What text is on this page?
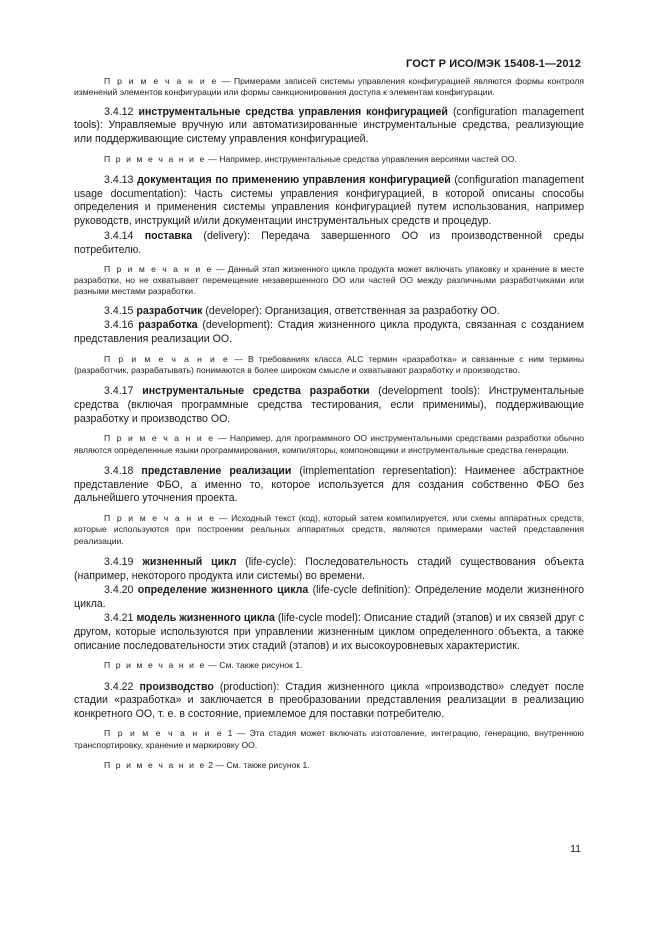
ГОСТ Р ИСО/МЭК 15408-1—2012

П р и м е ч а н и е — Примерами записей системы управления конфигурацией являются формы контроля изменений элементов конфигурации или формы санкционирования доступа к элементам конфигурации.

3.4.12 инструментальные средства управления конфигурацией (configuration management tools): Управляемые вручную или автоматизированные инструментальные средства, реализующие или поддерживающие систему управления конфигурацией.

П р и м е ч а н и е — Например, инструментальные средства управления версиями частей ОО.

3.4.13 документация по применению управления конфигурацией (configuration management usage documentation): Часть системы управления конфигурацией, в которой описаны способы определения и применения системы управления конфигурацией путем использования, например руководств, инструкций и/или документации инструментальных средств и процедур.

3.4.14 поставка (delivery): Передача завершенного ОО из производственной среды потребителю.

П р и м е ч а н и е — Данный этап жизненного цикла продукта может включать упаковку и хранение в месте разработки, но не охватывает перемещение незавершенного ОО или частей ОО между различными разработчиками или разными местами разработки.

3.4.15 разработчик (developer): Организация, ответственная за разработку ОО.

3.4.16 разработка (development): Стадия жизненного цикла продукта, связанная с созданием представления реализации ОО.

П р и м е ч а н и е — В требованиях класса ALC термин «разработка» и связанные с ним термины (разработчик, разрабатывать) понимаются в более широком смысле и охватывают разработку и производство.

3.4.17 инструментальные средства разработки (development tools): Инструментальные средства (включая программные средства тестирования, если применимы), поддерживающие разработку и производство ОО.

П р и м е ч а н и е — Например, для программного ОО инструментальными средствами разработки обычно являются определенные языки программирования, компиляторы, компоновщики и инструментальные средства генерации.

3.4.18 представление реализации (implementation representation): Наименее абстрактное представление ФБО, а именно то, которое используется для создания собственно ФБО без дальнейшего уточнения проекта.

П р и м е ч а н и е — Исходный текст (код), который затем компилируется, или схемы аппаратных средств, которые используются при построении реальных аппаратных средств, являются примерами частей представления реализации.

3.4.19 жизненный цикл (life-cycle): Последовательность стадий существования объекта (например, некоторого продукта или системы) во времени.

3.4.20 определение жизненного цикла (life-cycle definition): Определение модели жизненного цикла.

3.4.21 модель жизненного цикла (life-cycle model): Описание стадий (этапов) и их связей друг с другом, которые используются при управлении жизненным циклом определенного объекта, а также описание последовательности этих стадий (этапов) и их высокоуровневых характеристик.

П р и м е ч а н и е — См. также рисунок 1.

3.4.22 производство (production): Стадия жизненного цикла «производство» следует после стадии «разработка» и заключается в преобразовании представления реализации в реализацию конкретного ОО, т. е. в состояние, приемлемое для поставки потребителю.

П р и м е ч а н и е 1 — Эта стадия может включать изготовление, интеграцию, генерацию, внутреннюю транспортировку, хранение и маркировку ОО.

П р и м е ч а н и е 2 — См. также рисунок 1.

11
